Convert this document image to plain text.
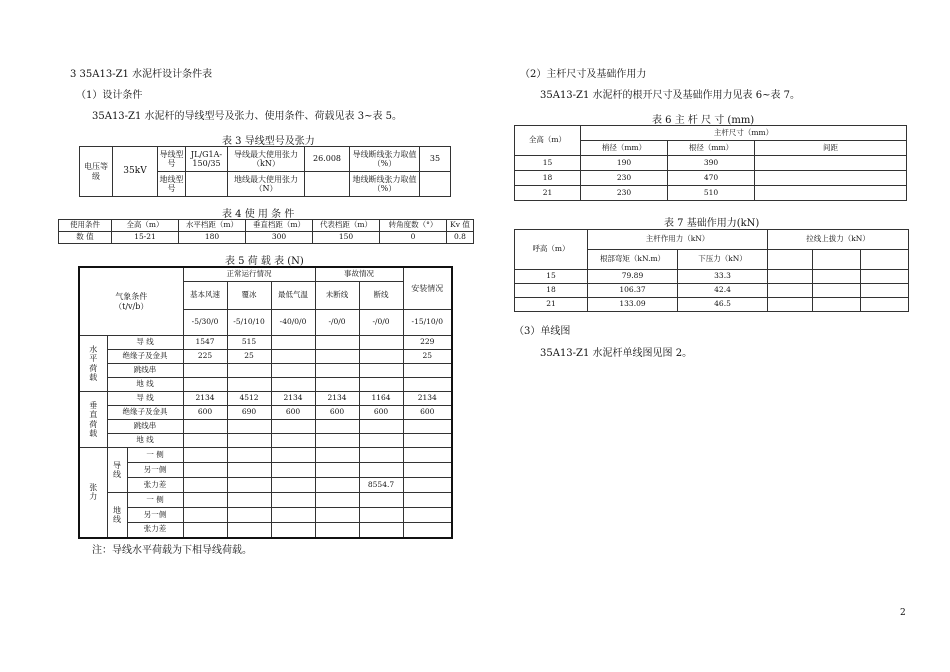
3 35A13-Z1 水泥杆设计条件表
（1）设计条件
35A13-Z1 水泥杆的导线型号及张力、使用条件、荷载见表 3~表 5。
表 3 导线型号及张力
电压等级	35kV	导线型号	JL/G1A-150/35	导线最大使用张力（kN）	26.008	导线断线张力取值（%）	35
		地线型号		地线最大使用张力（N）		地线断线张力取值（%）	
表 4 使 用 条 件
使用条件	全高（m）	水平档距（m）	垂直档距（m）	代表档距（m）	转角度数（°）	Kv 值
数 值	15-21	180	300	150	0	0.8
表 5 荷 载 表 (N)
气象条件
（t/v/b）			正常运行情况			事故情况		安装情况
			基本风速	覆冰	最低气温	未断线	断线	
			-5/30/0	-5/10/10	-40/0/0	-/0/0	-/0/0	-15/10/0
水平荷载	导 线		1547	515				229
	绝缘子及金具		225	25				25
	跳线串							
	地 线							
垂直荷载	导 线		2134	4512	2134	2134	1164	2134
	绝缘子及金具		600	690	600	600	600	600
	跳线串							
	地 线							
张力	导线	一 侧						
		另一侧						
		张力差					8554.7	
	地线	一 侧						
		另一侧						
		张力差						
注：导线水平荷载为下相导线荷载。
（2）主杆尺寸及基础作用力
35A13-Z1 水泥杆的根开尺寸及基础作用力见表 6~表 7。
表 6 主 杆 尺 寸 (mm)
全高（m）	主杆尺寸（mm）		
	梢径（mm）	根径（mm）	间距
15	190	390	
18	230	470	
21	230	510	
表 7 基础作用力(kN)
呼高（m）	主杆作用力（kN）		拉线上拔力（kN）		
	根部弯矩（kN.m）	下压力（kN）			
15	79.89	33.3			
18	106.37	42.4			
21	133.09	46.5			
（3）单线图
35A13-Z1 水泥杆单线图见图 2。
2
